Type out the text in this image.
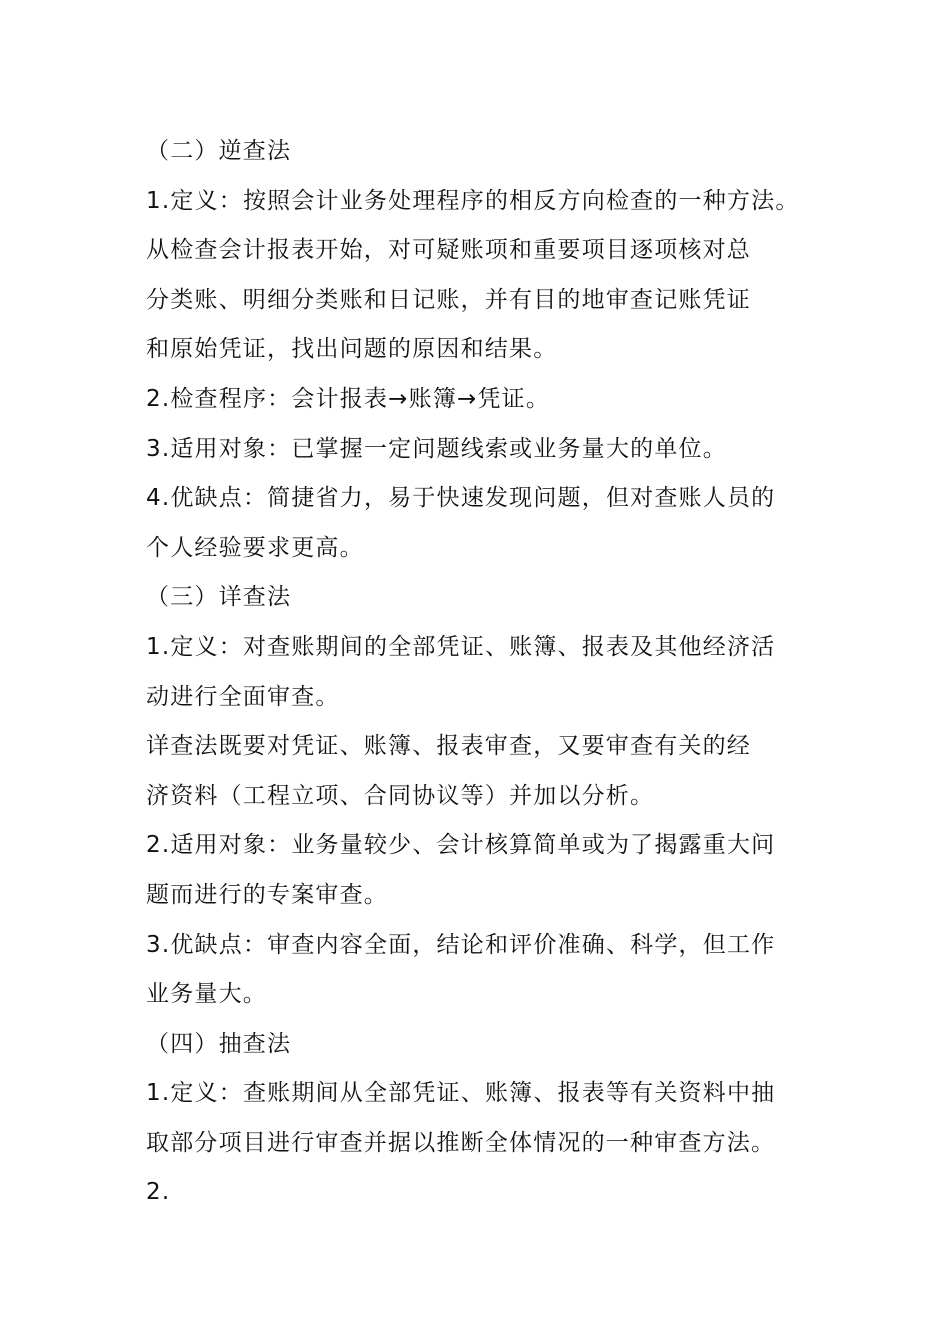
（二）逆查法
1.定义：按照会计业务处理程序的相反方向检查的一种方法。
从检查会计报表开始，对可疑账项和重要项目逐项核对总
分类账、明细分类账和日记账，并有目的地审查记账凭证
和原始凭证，找出问题的原因和结果。
2.检查程序：会计报表→账簿→凭证。
3.适用对象：已掌握一定问题线索或业务量大的单位。
4.优缺点：简捷省力，易于快速发现问题，但对查账人员的
个人经验要求更高。
（三）详查法
1.定义：对查账期间的全部凭证、账簿、报表及其他经济活
动进行全面审查。
详查法既要对凭证、账簿、报表审查，又要审查有关的经
济资料（工程立项、合同协议等）并加以分析。
2.适用对象：业务量较少、会计核算简单或为了揭露重大问
题而进行的专案审查。
3.优缺点：审查内容全面，结论和评价准确、科学，但工作
业务量大。
（四）抽查法
1.定义：查账期间从全部凭证、账簿、报表等有关资料中抽
取部分项目进行审查并据以推断全体情况的一种审查方法。
2.
